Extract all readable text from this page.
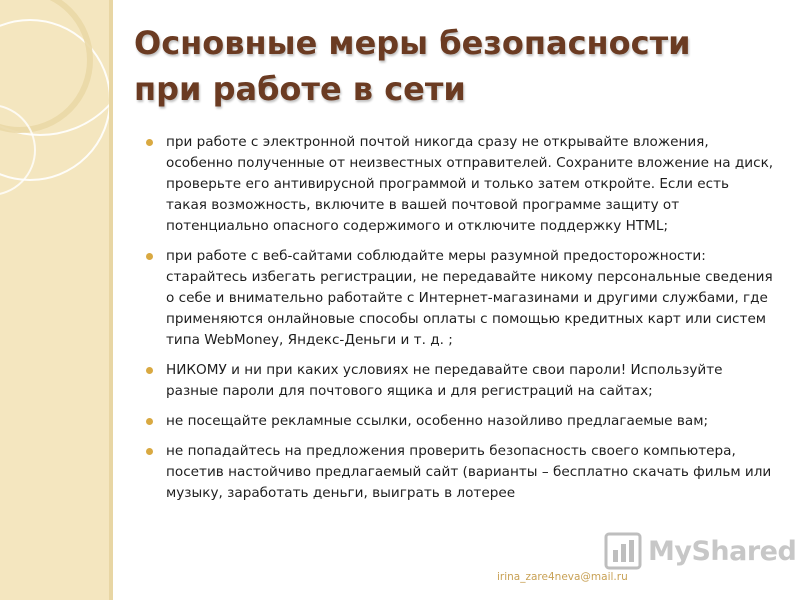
Основные меры безопасности
при работе в сети
при работе с электронной почтой никогда сразу не открывайте вложения, особенно полученные от неизвестных отправителей. Сохраните вложение на диск, проверьте его антивирусной программой и только затем откройте. Если есть такая возможность, включите в вашей почтовой программе защиту от потенциально опасного содержимого и отключите поддержку HTML;
при работе с веб-сайтами соблюдайте меры разумной предосторожности: старайтесь избегать регистрации, не передавайте никому персональные сведения о себе и внимательно работайте с Интернет-магазинами и другими службами, где применяются онлайновые способы оплаты с помощью кредитных карт или систем типа WebMoney, Яндекс-Деньги и т. д. ;
НИКОМУ и ни при каких условиях не передавайте свои пароли! Используйте разные пароли для почтового ящика и для регистраций на сайтах;
не посещайте рекламные ссылки, особенно назойливо предлагаемые вам;
не попадайтесь на предложения проверить безопасность своего компьютера, посетив настойчиво предлагаемый сайт (варианты – бесплатно скачать фильм или музыку, заработать деньги, выиграть в лотерее
MyShared
irina_zare4neva@mail.ru
